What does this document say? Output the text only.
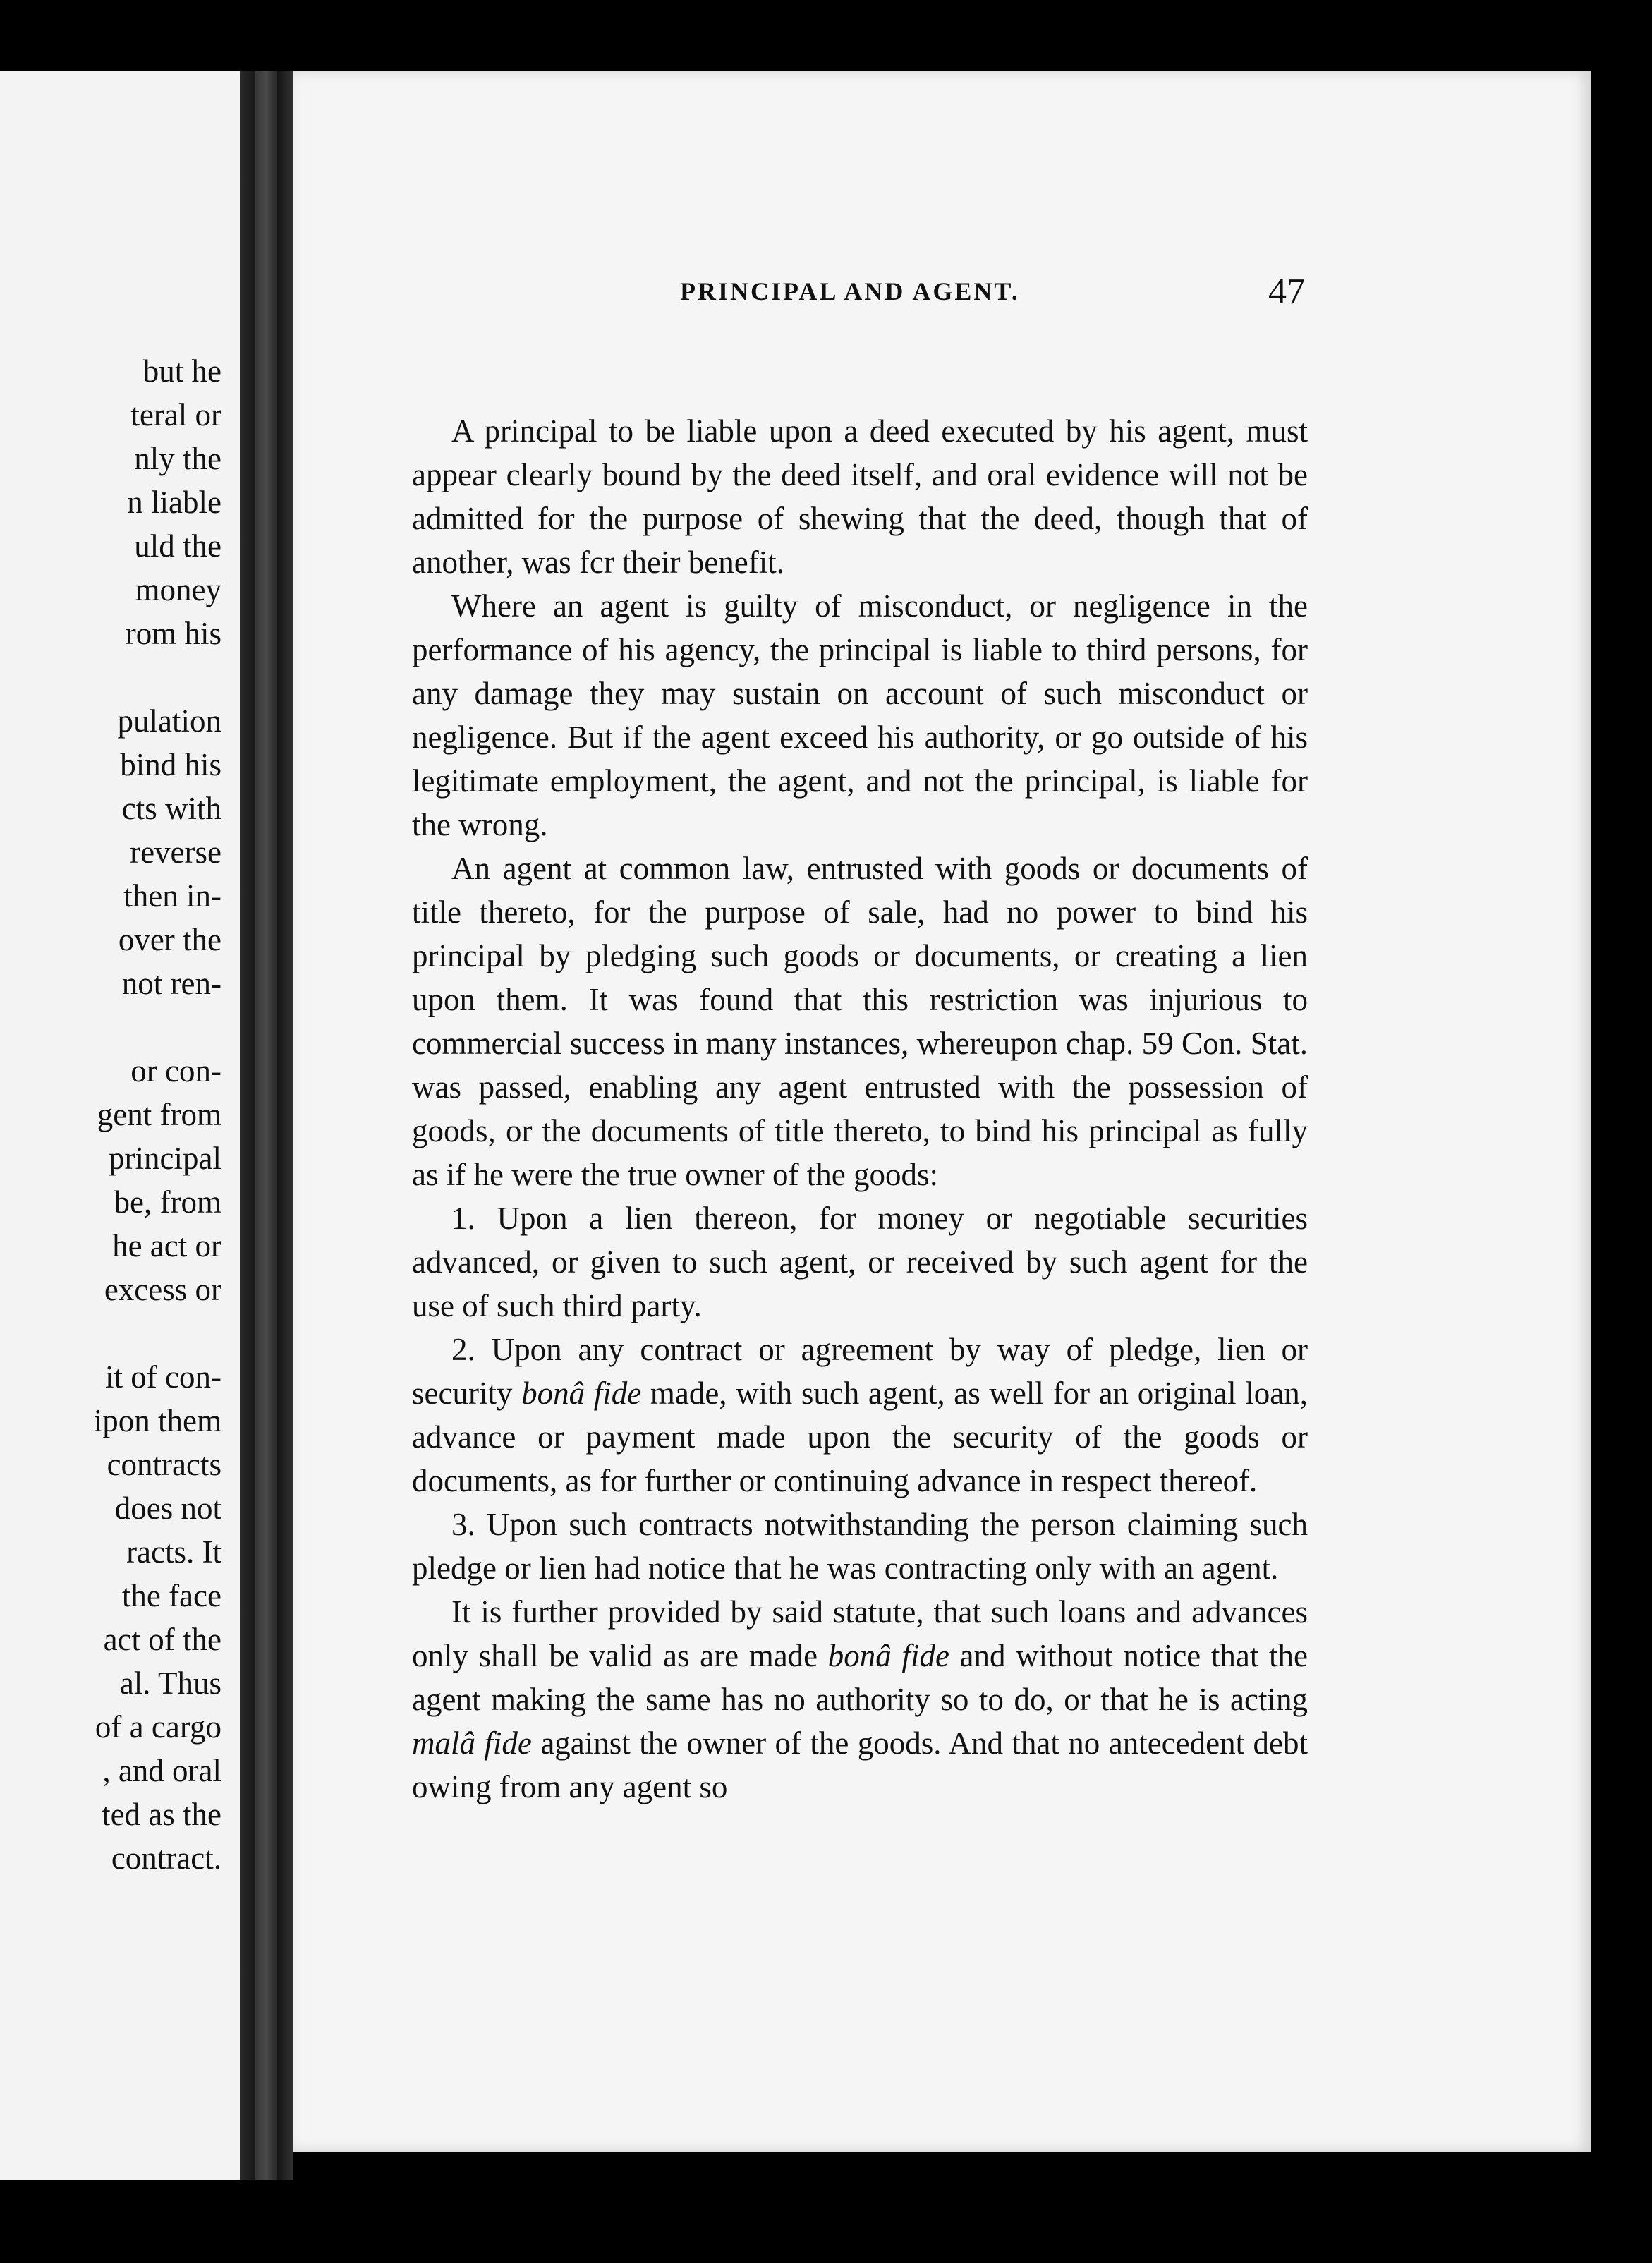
but he
teral or
nly the
n liable
uld the
money
rom his
pulation
bind his
cts with
reverse
then in-
over the
not ren-
or con-
gent from
principal
be, from
he act or
excess or
it of con-
ipon them
contracts
does not
racts. It
the face
act of the
al. Thus
of a cargo
, and oral
ted as the
contract.
PRINCIPAL AND AGENT.	47

A principal to be liable upon a deed executed by his agent, must appear clearly bound by the deed itself, and oral evidence will not be admitted for the purpose of shewing that the deed, though that of another, was fcr their benefit.

Where an agent is guilty of misconduct, or negligence in the performance of his agency, the principal is liable to third persons, for any damage they may sustain on account of such misconduct or negligence. But if the agent exceed his authority, or go outside of his legitimate employment, the agent, and not the principal, is liable for the wrong.

An agent at common law, entrusted with goods or documents of title thereto, for the purpose of sale, had no power to bind his principal by pledging such goods or documents, or creating a lien upon them. It was found that this restriction was injurious to commercial success in many instances, whereupon chap. 59 Con. Stat. was passed, enabling any agent entrusted with the possession of goods, or the documents of title thereto, to bind his principal as fully as if he were the true owner of the goods:

1. Upon a lien thereon, for money or negotiable securities advanced, or given to such agent, or received by such agent for the use of such third party.

2. Upon any contract or agreement by way of pledge, lien or security bonâ fide made, with such agent, as well for an original loan, advance or payment made upon the security of the goods or documents, as for further or continuing advance in respect thereof.

3. Upon such contracts notwithstanding the person claiming such pledge or lien had notice that he was contracting only with an agent.

It is further provided by said statute, that such loans and advances only shall be valid as are made bonâ fide and without notice that the agent making the same has no authority so to do, or that he is acting malâ fide against the owner of the goods. And that no antecedent debt owing from any agent so
